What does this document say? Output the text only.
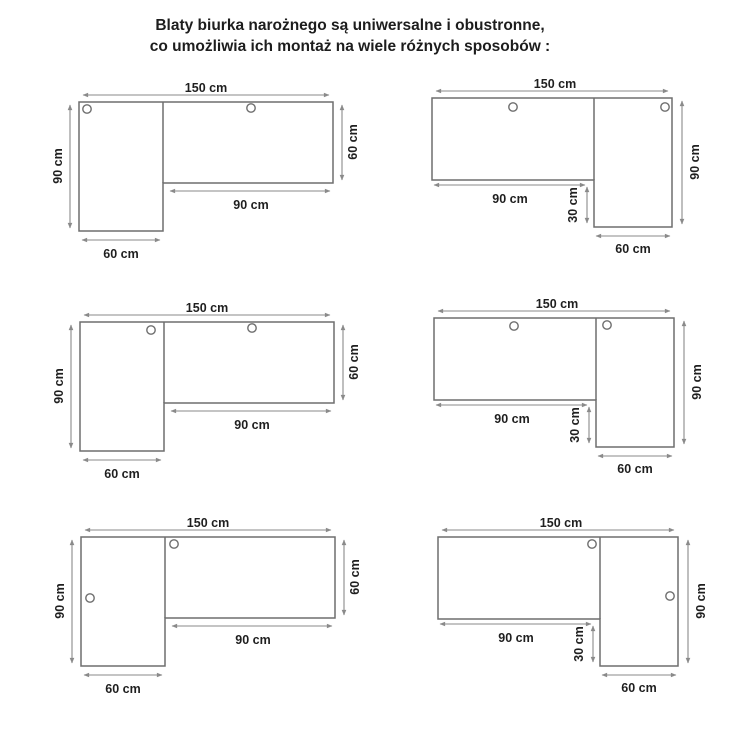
Blaty biurka narożnego są uniwersalne i obustronne,
co umożliwia ich montaż na wiele różnych sposobów :
150 cm
90 cm
60 cm
90 cm
60 cm
150 cm
90 cm
90 cm	30 cm
60 cm
150 cm
90 cm
60 cm
90 cm
60 cm
150 cm
90 cm
90 cm	30 cm
60 cm
150 cm
90 cm
60 cm
90 cm
60 cm
150 cm
90 cm
90 cm	30 cm
60 cm
